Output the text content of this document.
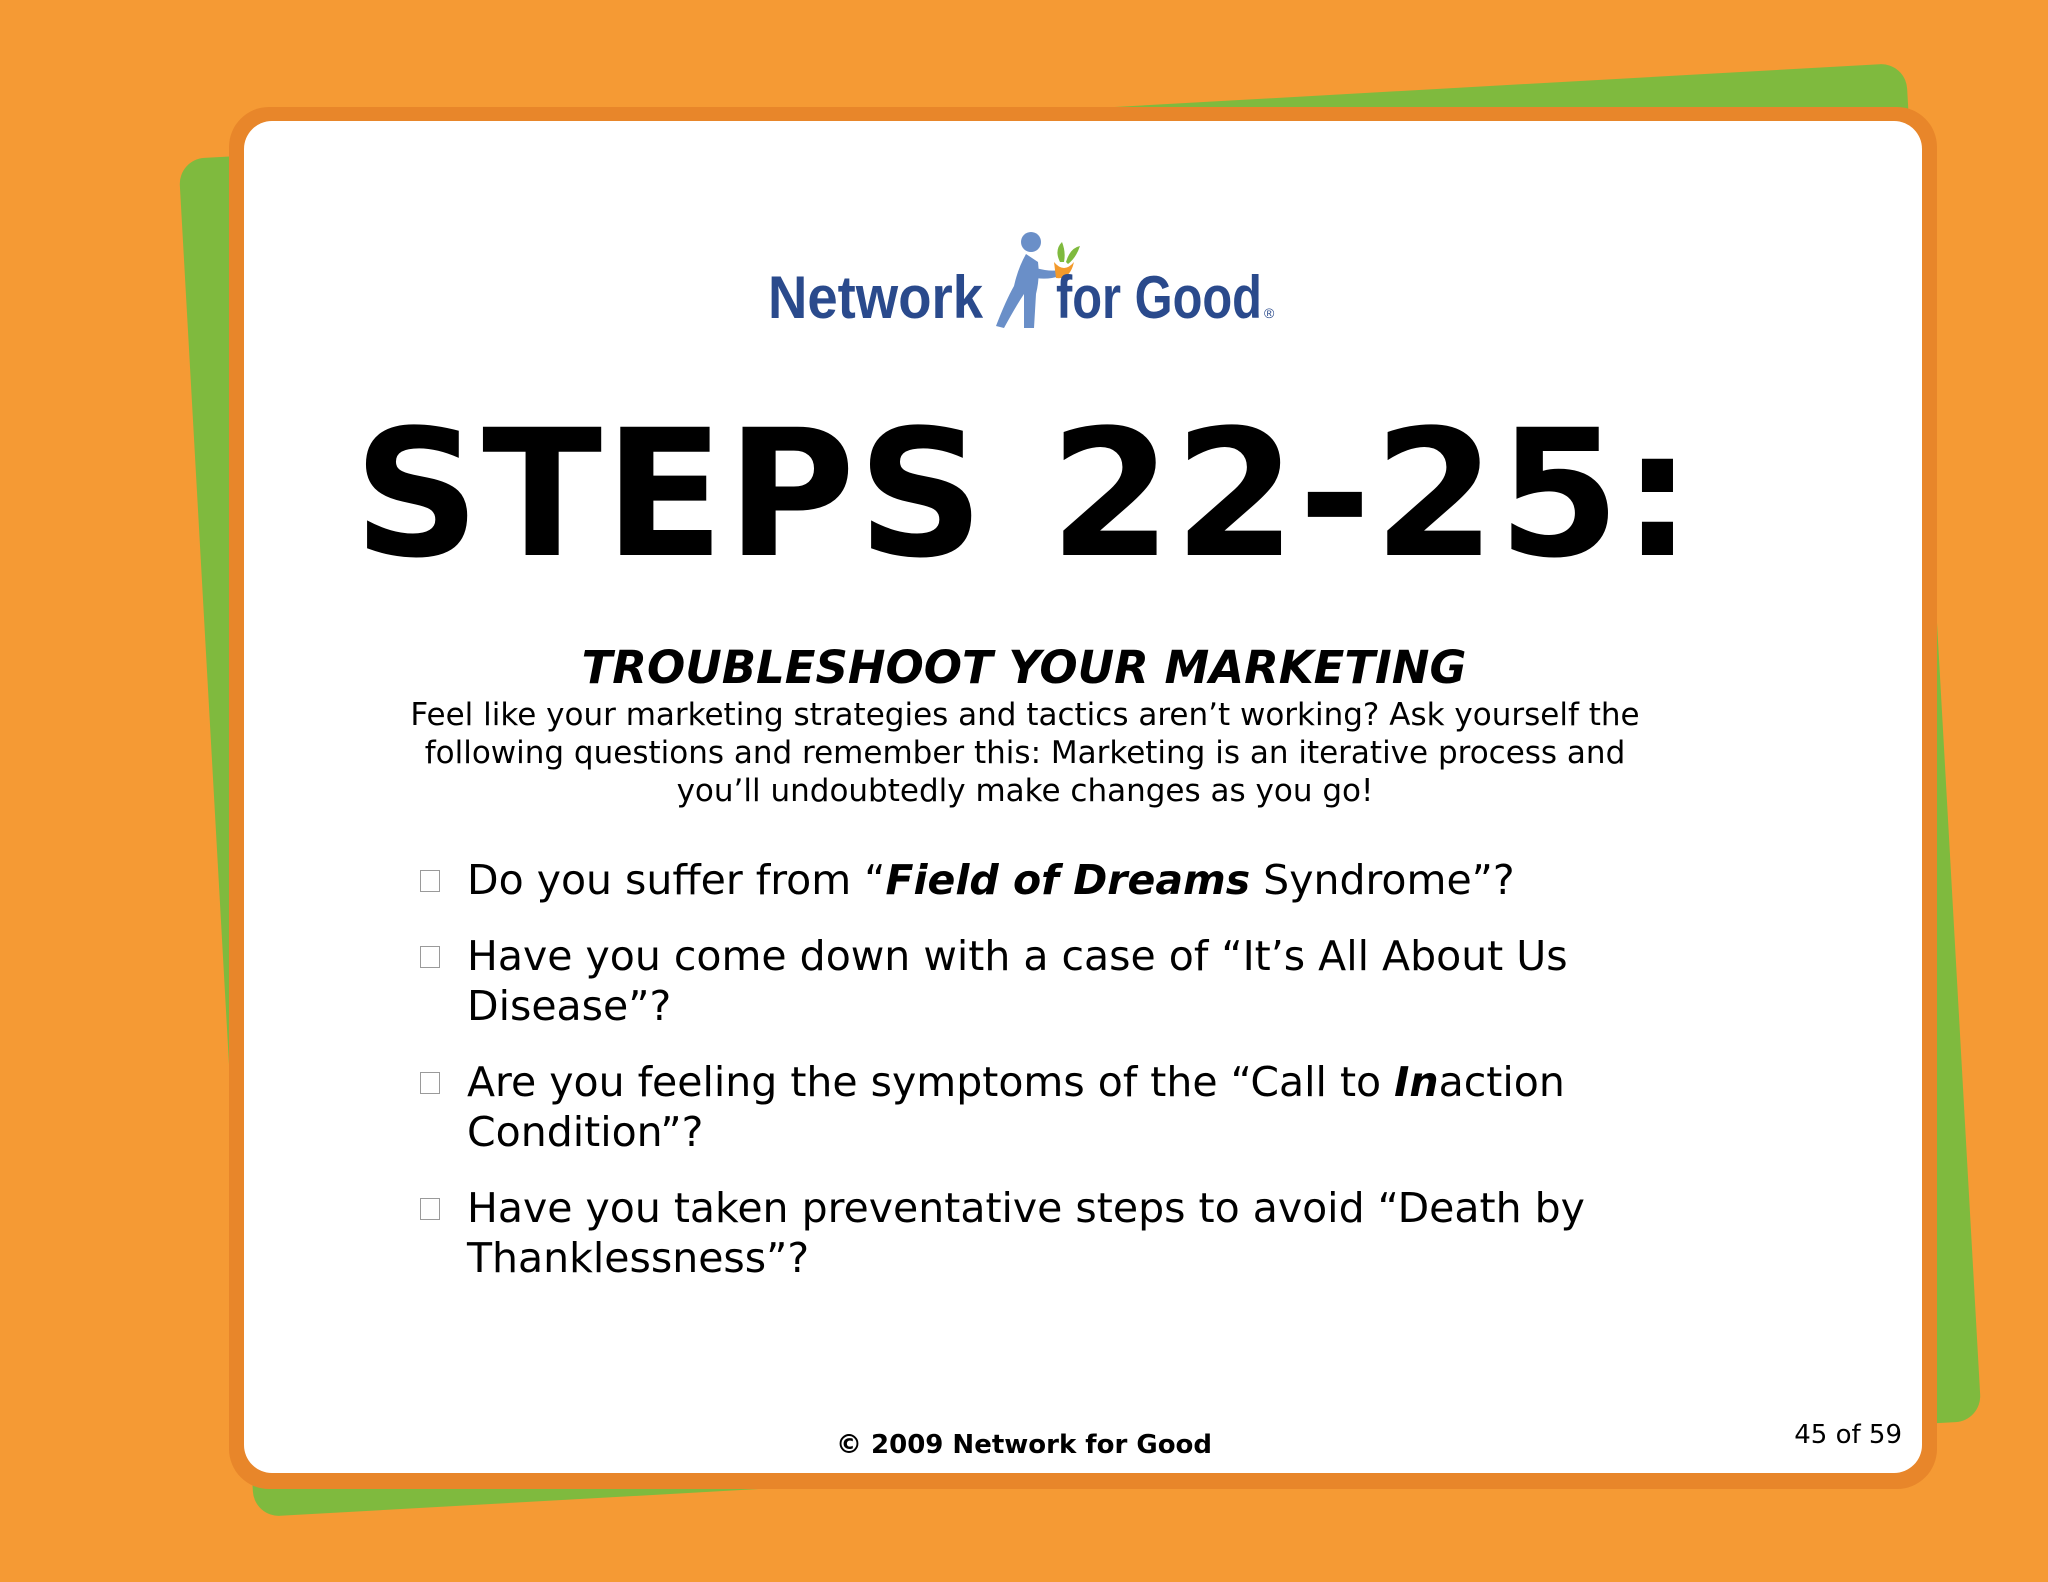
Network for Good ®
STEPS 22-25:
TROUBLESHOOT YOUR MARKETING
Feel like your marketing strategies and tactics aren’t working? Ask yourself the following questions and remember this: Marketing is an iterative process and you’ll undoubtedly make changes as you go!
Do you suffer from “Field of Dreams Syndrome”?
Have you come down with a case of “It’s All About Us Disease”?
Are you feeling the symptoms of the “Call to Inaction Condition”?
Have you taken preventative steps to avoid “Death by Thanklessness”?
© 2009 Network for Good	45 of 59
